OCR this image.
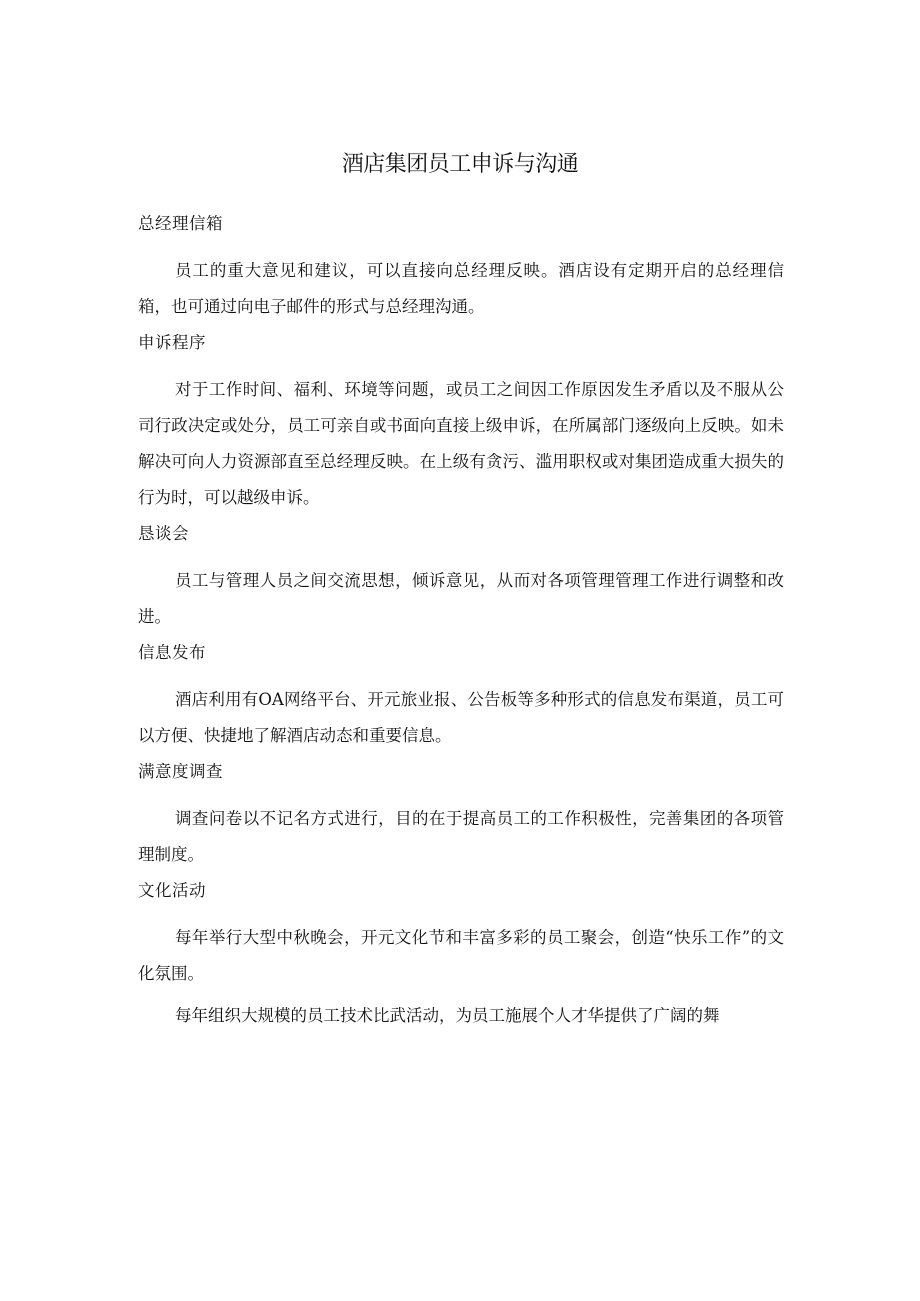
酒店集团员工申诉与沟通
总经理信箱

员工的重大意见和建议，可以直接向总经理反映。酒店设有定期开启的总经理信箱，也可通过向电子邮件的形式与总经理沟通。

申诉程序

对于工作时间、福利、环境等问题，或员工之间因工作原因发生矛盾以及不服从公司行政决定或处分，员工可亲自或书面向直接上级申诉，在所属部门逐级向上反映。如未解决可向人力资源部直至总经理反映。在上级有贪污、滥用职权或对集团造成重大损失的行为时，可以越级申诉。

恳谈会

员工与管理人员之间交流思想，倾诉意见，从而对各项管理管理工作进行调整和改进。

信息发布

酒店利用有OA网络平台、开元旅业报、公告板等多种形式的信息发布渠道，员工可以方便、快捷地了解酒店动态和重要信息。

满意度调查

调查问卷以不记名方式进行，目的在于提高员工的工作积极性，完善集团的各项管理制度。

文化活动

每年举行大型中秋晚会，开元文化节和丰富多彩的员工聚会，创造“快乐工作”的文化氛围。

每年组织大规模的员工技术比武活动，为员工施展个人才华提供了广阔的舞
